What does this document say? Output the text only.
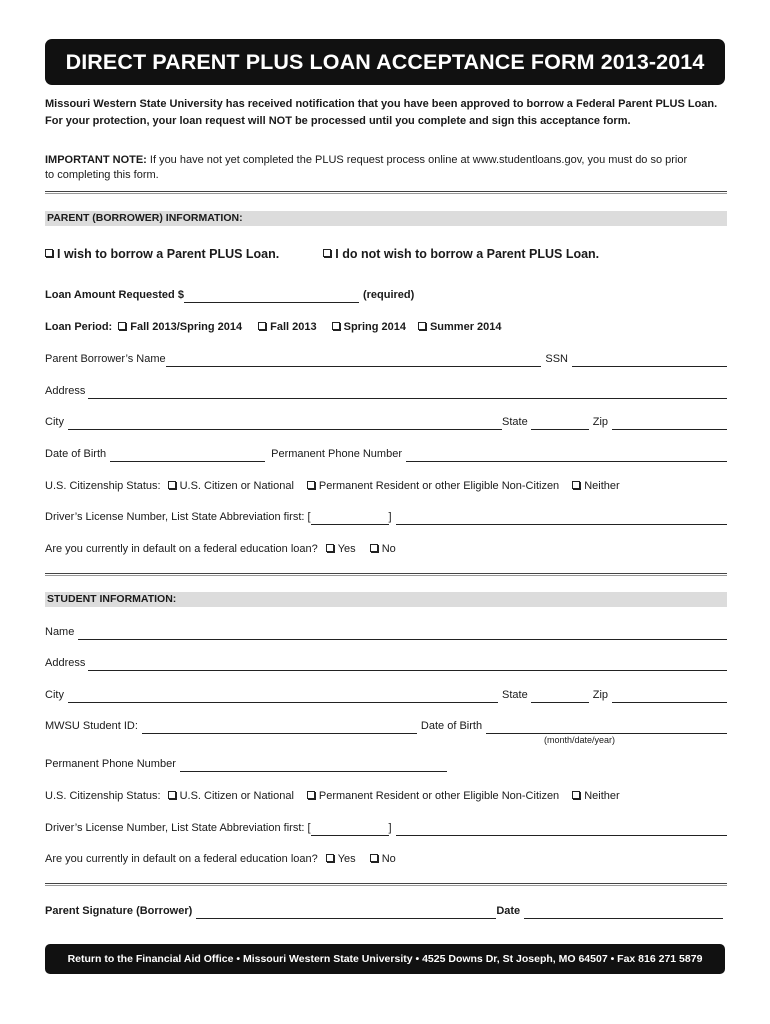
DIRECT PARENT PLUS LOAN ACCEPTANCE FORM 2013-2014
Missouri Western State University has received notification that you have been approved to borrow a Federal Parent PLUS Loan.
For your protection, your loan request will NOT be processed until you complete and sign this acceptance form.
IMPORTANT NOTE: If you have not yet completed the PLUS request process online at www.studentloans.gov, you must do so prior
to completing this form.
PARENT (BORROWER) INFORMATION:
I wish to borrow a Parent PLUS Loan.	I do not wish to borrow a Parent PLUS Loan.
Loan Amount Requested $	(required)
Loan Period: Fall 2013/Spring 2014	Fall 2013 Spring 2014 Summer 2014
Parent Borrower’s Name	SSN
Address
City	State	Zip
Date of Birth	Permanent Phone Number
U.S. Citizenship Status: U.S. Citizen or National Permanent Resident or other Eligible Non-Citizen Neither
Driver’s License Number, List State Abbreviation first: [	]
Are you currently in default on a federal education loan? Yes No
STUDENT INFORMATION:
Name
Address
City	State	Zip
MWSU Student ID:	Date of Birth
(month/date/year)
Permanent Phone Number
U.S. Citizenship Status: U.S. Citizen or National Permanent Resident or other Eligible Non-Citizen Neither
Driver’s License Number, List State Abbreviation first: [	]
Are you currently in default on a federal education loan? Yes No
Parent Signature (Borrower)	Date
Return to the Financial Aid Office • Missouri Western State University • 4525 Downs Dr, St Joseph, MO 64507 • Fax 816 271 5879
